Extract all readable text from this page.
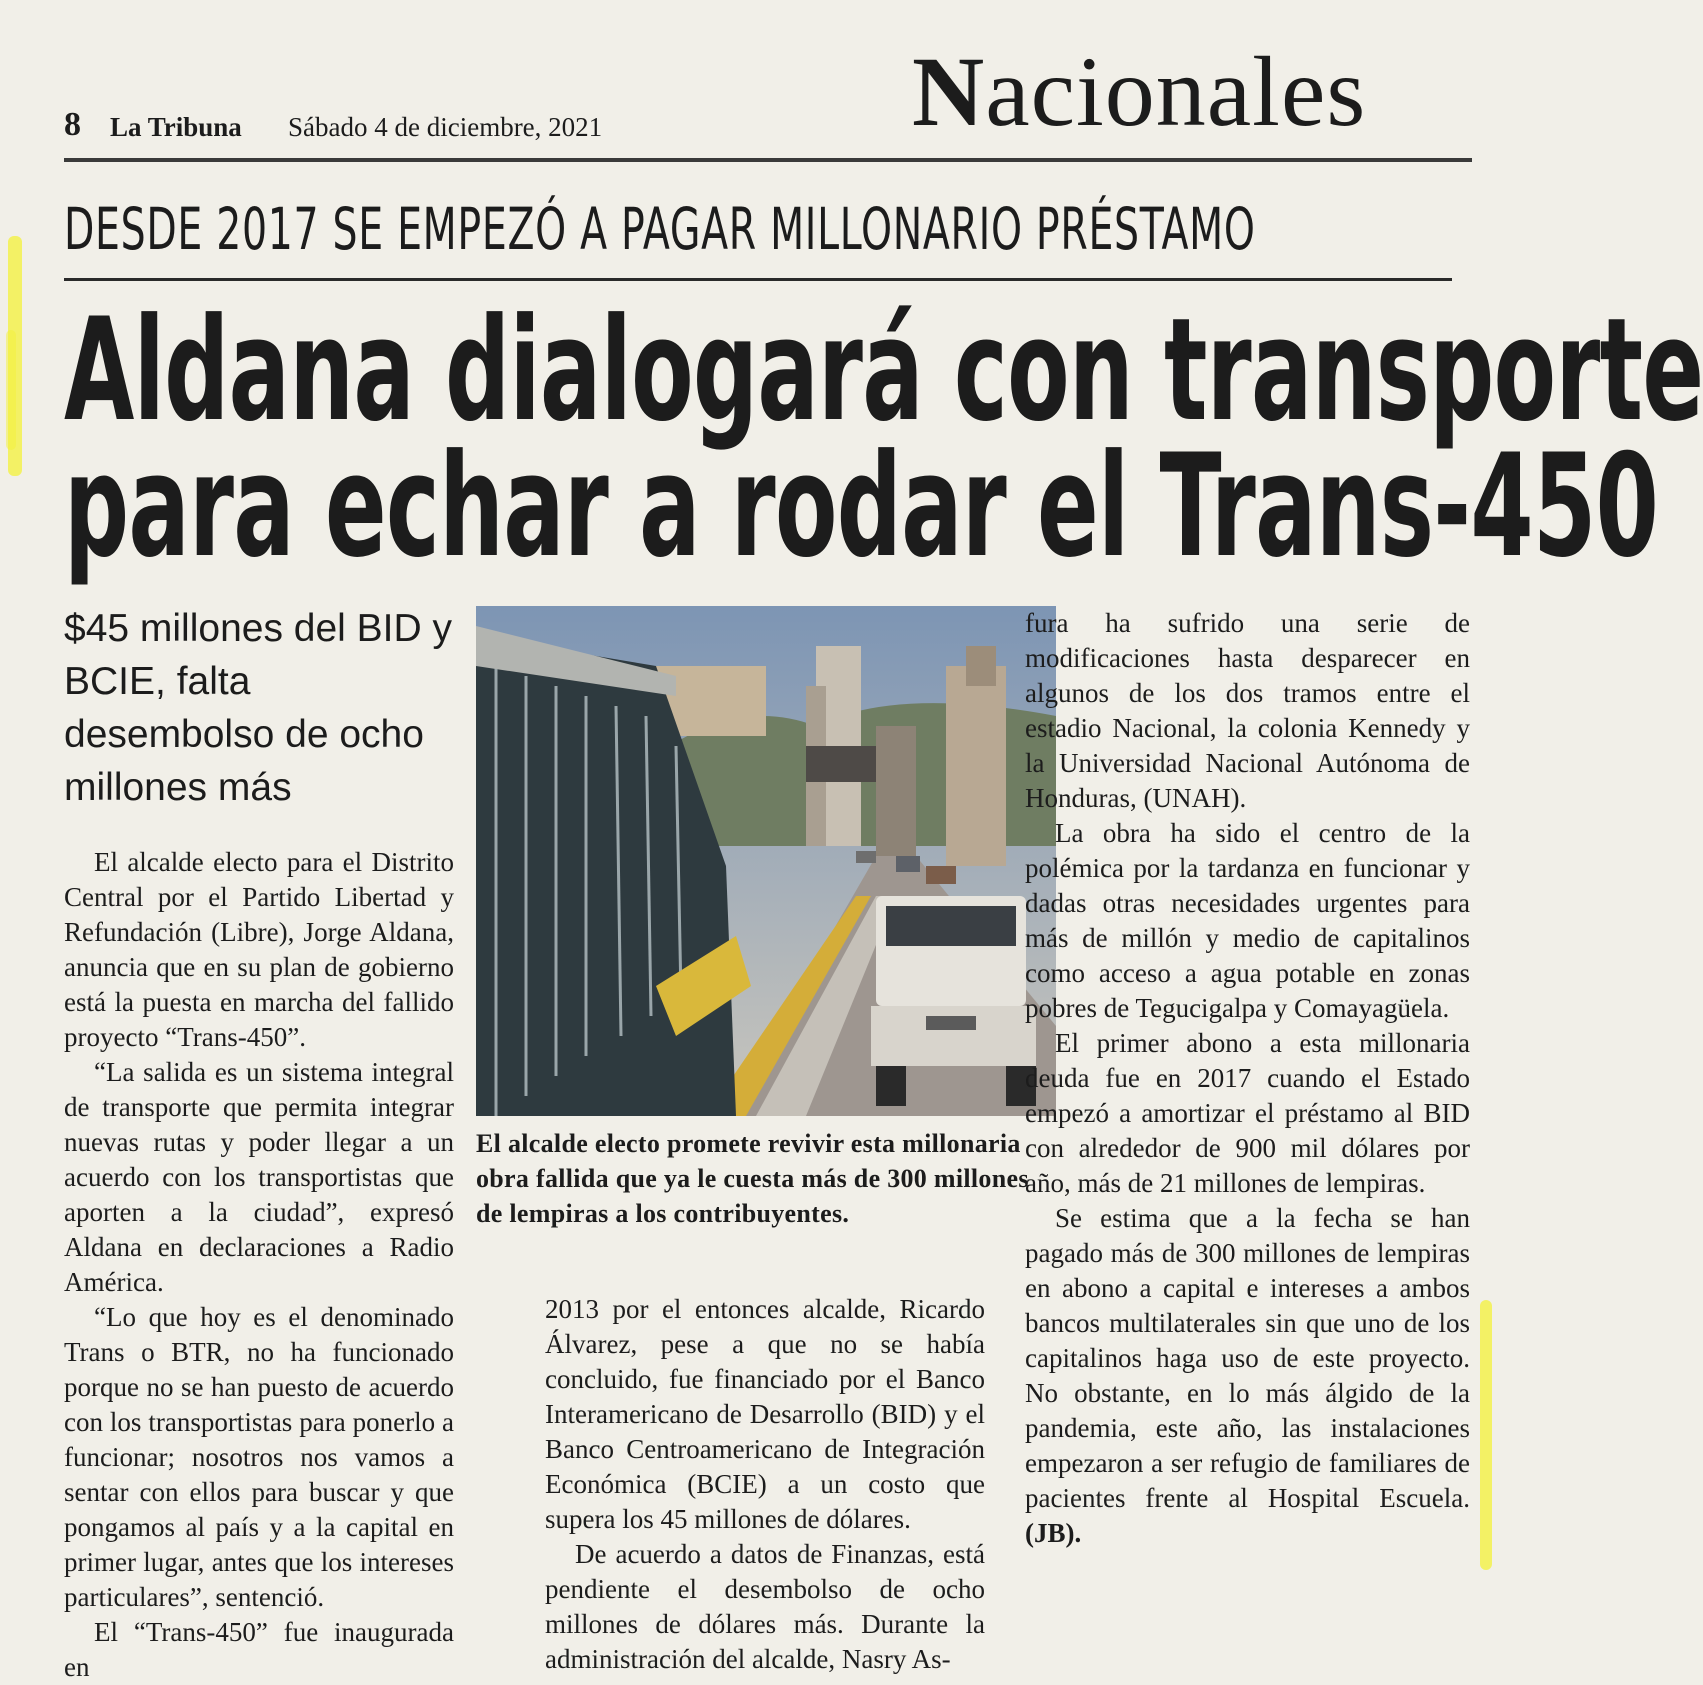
8 La Tribuna Sábado 4 de diciembre, 2021	Nacionales
DESDE 2017 SE EMPEZÓ A PAGAR MILLONARIO PRÉSTAMO
Aldana dialogará con transporte
para echar a rodar el Trans-450
$45 millones del BID y BCIE, falta desembolso de ocho millones más
El alcalde electo promete revivir esta millonaria obra fallida que ya le cuesta más de 300 millones de lempiras a los contribuyentes.

El alcalde electo para el Distrito Central por el Partido Libertad y Refundación (Libre), Jorge Aldana, anuncia que en su plan de gobierno está la puesta en marcha del fallido proyecto “Trans-450”.

“La salida es un sistema integral de transporte que permita integrar nuevas rutas y poder llegar a un acuerdo con los transportistas que aporten a la ciudad”, expresó Aldana en declaraciones a Radio América.

“Lo que hoy es el denominado Trans o BTR, no ha funcionado porque no se han puesto de acuerdo con los transportistas para ponerlo a funcionar; nosotros nos vamos a sentar con ellos para buscar y que pongamos al país y a la capital en primer lugar, antes que los intereses particulares”, sentenció.

El “Trans-450” fue inaugurada en

2013 por el entonces alcalde, Ricardo Álvarez, pese a que no se había concluido, fue financiado por el Banco Interamericano de Desarrollo (BID) y el Banco Centroamericano de Integración Económica (BCIE) a un costo que supera los 45 millones de dólares.

De acuerdo a datos de Finanzas, está pendiente el desembolso de ocho millones de dólares más. Durante la administración del alcalde, Nasry As-

fura ha sufrido una serie de modificaciones hasta desparecer en algunos de los dos tramos entre el estadio Nacional, la colonia Kennedy y la Universidad Nacional Autónoma de Honduras, (UNAH).

La obra ha sido el centro de la polémica por la tardanza en funcionar y dadas otras necesidades urgentes para más de millón y medio de capitalinos como acceso a agua potable en zonas pobres de Tegucigalpa y Comayagüela.

El primer abono a esta millonaria deuda fue en 2017 cuando el Estado empezó a amortizar el préstamo al BID con alrededor de 900 mil dólares por año, más de 21 millones de lempiras.

Se estima que a la fecha se han pagado más de 300 millones de lempiras en abono a capital e intereses a ambos bancos multilaterales sin que uno de los capitalinos haga uso de este proyecto. No obstante, en lo más álgido de la pandemia, este año, las instalaciones empezaron a ser refugio de familiares de pacientes frente al Hospital Escuela. (JB).
